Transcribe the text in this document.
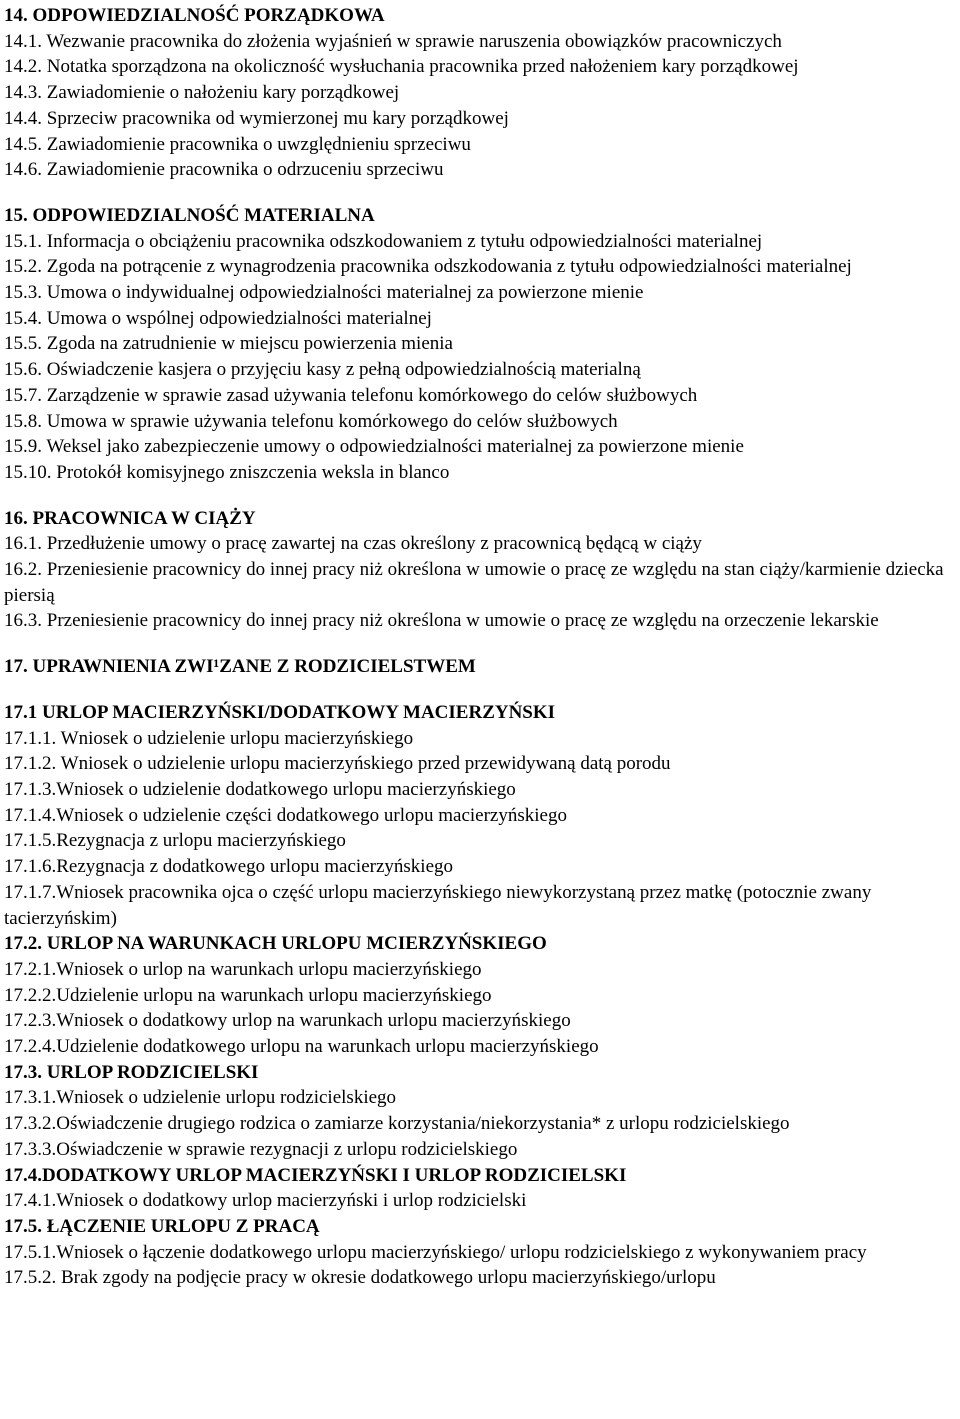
14. ODPOWIEDZIALNOŚĆ PORZĄDKOWA
14.1. Wezwanie pracownika do złożenia wyjaśnień w sprawie naruszenia obowiązków pracowniczych
14.2. Notatka sporządzona na okoliczność wysłuchania pracownika przed nałożeniem kary porządkowej
14.3. Zawiadomienie o nałożeniu kary porządkowej
14.4. Sprzeciw pracownika od wymierzonej mu kary porządkowej
14.5. Zawiadomienie pracownika o uwzględnieniu sprzeciwu
14.6. Zawiadomienie pracownika o odrzuceniu sprzeciwu
15. ODPOWIEDZIALNOŚĆ MATERIALNA
15.1. Informacja o obciążeniu pracownika odszkodowaniem z tytułu odpowiedzialności materialnej
15.2. Zgoda na potrącenie z wynagrodzenia pracownika odszkodowania z tytułu odpowiedzialności materialnej
15.3. Umowa o indywidualnej odpowiedzialności materialnej za powierzone mienie
15.4. Umowa o wspólnej odpowiedzialności materialnej
15.5. Zgoda na zatrudnienie w miejscu powierzenia mienia
15.6. Oświadczenie kasjera o przyjęciu kasy z pełną odpowiedzialnością materialną
15.7. Zarządzenie w sprawie zasad używania telefonu komórkowego do celów służbowych
15.8. Umowa w sprawie używania telefonu komórkowego do celów służbowych
15.9. Weksel jako zabezpieczenie umowy o odpowiedzialności materialnej za powierzone mienie
15.10. Protokół komisyjnego zniszczenia weksla in blanco
16. PRACOWNICA W CIĄŻY
16.1. Przedłużenie umowy o pracę zawartej na czas określony z pracownicą będącą w ciąży
16.2. Przeniesienie pracownicy do innej pracy niż określona w umowie o pracę ze względu na stan ciąży/karmienie dziecka piersią
16.3. Przeniesienie pracownicy do innej pracy niż określona w umowie o pracę ze względu na orzeczenie lekarskie
17. UPRAWNIENIA ZWI¹ZANE Z RODZICIELSTWEM
17.1 URLOP MACIERZYŃSKI/DODATKOWY MACIERZYŃSKI
17.1.1. Wniosek o udzielenie urlopu macierzyńskiego
17.1.2. Wniosek o udzielenie urlopu macierzyńskiego przed przewidywaną datą porodu
17.1.3.Wniosek o udzielenie dodatkowego urlopu macierzyńskiego
17.1.4.Wniosek o udzielenie części dodatkowego urlopu macierzyńskiego
17.1.5.Rezygnacja z urlopu macierzyńskiego
17.1.6.Rezygnacja z dodatkowego urlopu macierzyńskiego
17.1.7.Wniosek pracownika ojca o część urlopu macierzyńskiego niewykorzystaną przez matkę (potocznie zwany tacierzyńskim)
17.2. URLOP NA WARUNKACH URLOPU MCIERZYŃSKIEGO
17.2.1.Wniosek o urlop na warunkach urlopu macierzyńskiego
17.2.2.Udzielenie urlopu na warunkach urlopu macierzyńskiego
17.2.3.Wniosek o dodatkowy urlop na warunkach urlopu macierzyńskiego
17.2.4.Udzielenie dodatkowego urlopu na warunkach urlopu macierzyńskiego
17.3. URLOP RODZICIELSKI
17.3.1.Wniosek o udzielenie urlopu rodzicielskiego
17.3.2.Oświadczenie drugiego rodzica o zamiarze korzystania/niekorzystania* z urlopu rodzicielskiego
17.3.3.Oświadczenie w sprawie rezygnacji z urlopu rodzicielskiego
17.4.DODATKOWY URLOP MACIERZYŃSKI I URLOP RODZICIELSKI
17.4.1.Wniosek o dodatkowy urlop macierzyński i urlop rodzicielski
17.5. ŁĄCZENIE URLOPU Z PRACĄ
17.5.1.Wniosek o łączenie dodatkowego urlopu macierzyńskiego/ urlopu rodzicielskiego z wykonywaniem pracy
17.5.2. Brak zgody na podjęcie pracy w okresie dodatkowego urlopu macierzyńskiego/urlopu
